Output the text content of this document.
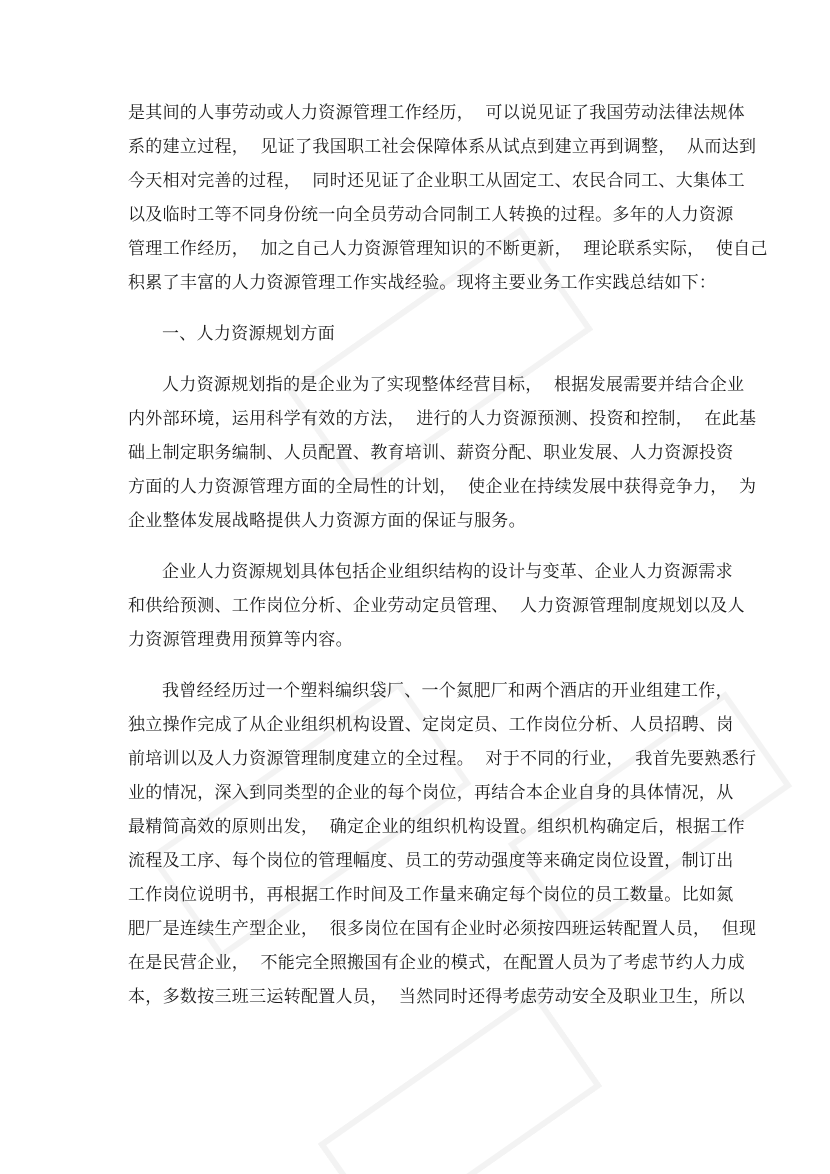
是其间的人事劳动或人力资源管理工作经历，  可以说见证了我国劳动法律法规体
系的建立过程，  见证了我国职工社会保障体系从试点到建立再到调整，  从而达到
今天相对完善的过程，  同时还见证了企业职工从固定工、农民合同工、大集体工
以及临时工等不同身份统一向全员劳动合同制工人转换的过程。多年的人力资源
管理工作经历，  加之自己人力资源管理知识的不断更新，  理论联系实际，  使自己
积累了丰富的人力资源管理工作实战经验。现将主要业务工作实践总结如下：
一、人力资源规划方面
人力资源规划指的是企业为了实现整体经营目标，  根据发展需要并结合企业
内外部环境，运用科学有效的方法，  进行的人力资源预测、投资和控制，  在此基
础上制定职务编制、人员配置、教育培训、薪资分配、职业发展、人力资源投资
方面的人力资源管理方面的全局性的计划，  使企业在持续发展中获得竞争力，  为
企业整体发展战略提供人力资源方面的保证与服务。
企业人力资源规划具体包括企业组织结构的设计与变革、企业人力资源需求
和供给预测、工作岗位分析、企业劳动定员管理、  人力资源管理制度规划以及人
力资源管理费用预算等内容。
我曾经经历过一个塑料编织袋厂、一个氮肥厂和两个酒店的开业组建工作，
独立操作完成了从企业组织机构设置、定岗定员、工作岗位分析、人员招聘、岗
前培训以及人力资源管理制度建立的全过程。  对于不同的行业，  我首先要熟悉行
业的情况，深入到同类型的企业的每个岗位，再结合本企业自身的具体情况，从
最精简高效的原则出发，  确定企业的组织机构设置。组织机构确定后，根据工作
流程及工序、每个岗位的管理幅度、员工的劳动强度等来确定岗位设置，制订出
工作岗位说明书，再根据工作时间及工作量来确定每个岗位的员工数量。比如氮
肥厂是连续生产型企业，  很多岗位在国有企业时必须按四班运转配置人员，  但现
在是民营企业，  不能完全照搬国有企业的模式，在配置人员为了考虑节约人力成
本，多数按三班三运转配置人员，  当然同时还得考虑劳动安全及职业卫生，所以
